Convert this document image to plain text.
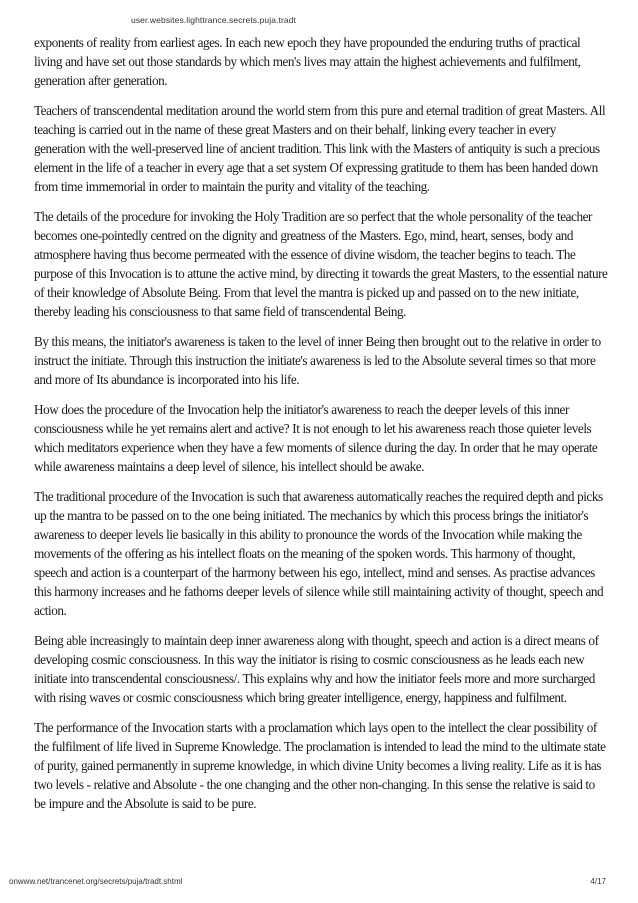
user.websites.lighttrance.secrets.puja.tradt

exponents of reality from earliest ages. In each new epoch they have propounded the enduring truths of practical living and have set out those standards by which men's lives may attain the highest achievements and fulfilment, generation after generation.

Teachers of transcendental meditation around the world stem from this pure and eternal tradition of great Masters. All teaching is carried out in the name of these great Masters and on their behalf, linking every teacher in every generation with the well-preserved line of ancient tradition. This link with the Masters of antiquity is such a precious element in the life of a teacher in every age that a set system Of expressing gratitude to them has been handed down from time immemorial in order to maintain the purity and vitality of the teaching.

The details of the procedure for invoking the Holy Tradition are so perfect that the whole personality of the teacher becomes one-pointedly centred on the dignity and greatness of the Masters. Ego, mind, heart, senses, body and atmosphere having thus become permeated with the essence of divine wisdom, the teacher begins to teach. The purpose of this Invocation is to attune the active mind, by directing it towards the great Masters, to the essential nature of their knowledge of Absolute Being. From that level the mantra is picked up and passed on to the new initiate, thereby leading his consciousness to that same field of transcendental Being.

By this means, the initiator's awareness is taken to the level of inner Being then brought out to the relative in order to instruct the initiate. Through this instruction the initiate's awareness is led to the Absolute several times so that more and more of Its abundance is incorporated into his life.

How does the procedure of the Invocation help the initiator's awareness to reach the deeper levels of this inner consciousness while he yet remains alert and active? It is not enough to let his awareness reach those quieter levels which meditators experience when they have a few moments of silence during the day. In order that he may operate while awareness maintains a deep level of silence, his intellect should be awake.

The traditional procedure of the Invocation is such that awareness automatically reaches the required depth and picks up the mantra to be passed on to the one being initiated. The mechanics by which this process brings the initiator's awareness to deeper levels lie basically in this ability to pronounce the words of the Invocation while making the movements of the offering as his intellect floats on the meaning of the spoken words. This harmony of thought, speech and action is a counterpart of the harmony between his ego, intellect, mind and senses. As practise advances this harmony increases and he fathoms deeper levels of silence while still maintaining activity of thought, speech and action.

Being able increasingly to maintain deep inner awareness along with thought, speech and action is a direct means of developing cosmic consciousness. In this way the initiator is rising to cosmic consciousness as he leads each new initiate into transcendental consciousness/. This explains why and how the initiator feels more and more surcharged with rising waves or cosmic consciousness which bring greater intelligence, energy, happiness and fulfilment.

The performance of the Invocation starts with a proclamation which lays open to the intellect the clear possibility of the fulfilment of life lived in Supreme Knowledge. The proclamation is intended to lead the mind to the ultimate state of purity, gained permanently in supreme knowledge, in which divine Unity becomes a living reality. Life as it is has two levels - relative and Absolute - the one changing and the other non-changing. In this sense the relative is said to be impure and the Absolute is said to be pure.

onwww.net/trancenet.org/secrets/puja/tradt.shtml	4/17
